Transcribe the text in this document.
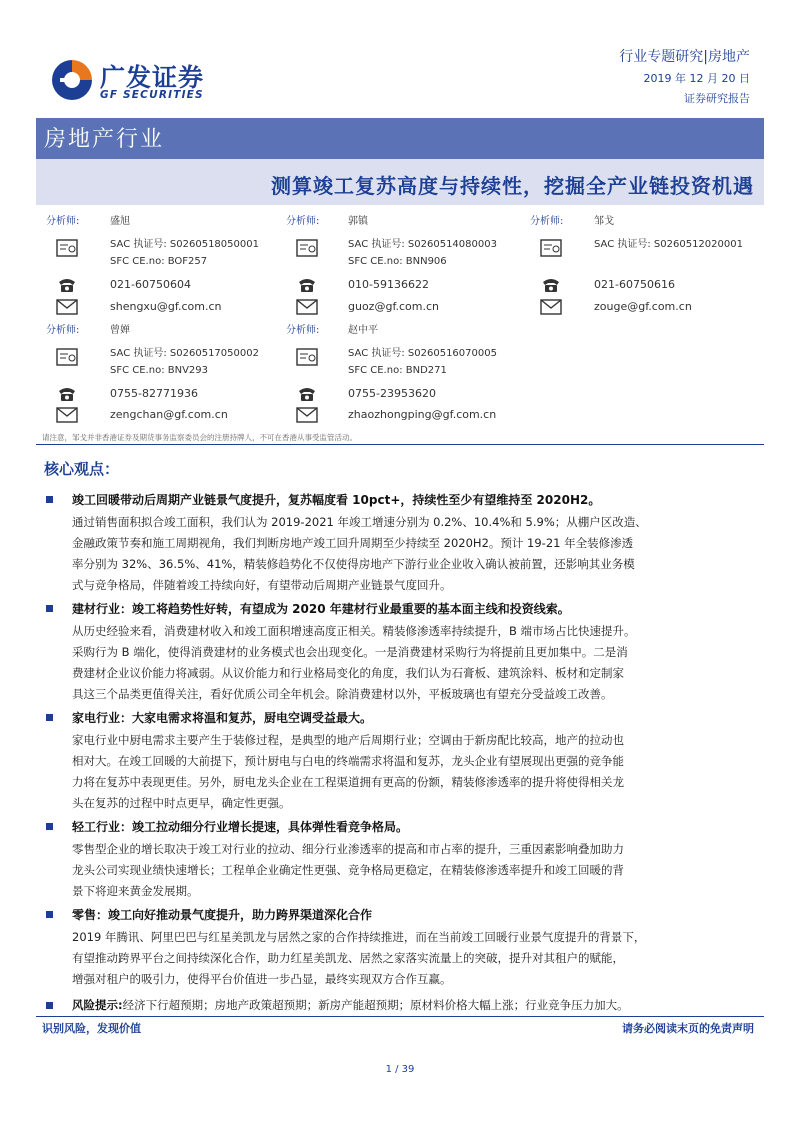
广发证券
GF SECURITIES
行业专题研究|房地产
2019 年 12 月 20 日
证券研究报告
房地产行业
测算竣工复苏高度与持续性，挖掘全产业链投资机遇
分析师:	盛旭
SAC 执证号: S0260518050001
SFC CE.no: BOF257
021-60750604
shengxu@gf.com.cn
分析师:	郭镇
SAC 执证号: S0260514080003
SFC CE.no: BNN906
010-59136622
guoz@gf.com.cn
分析师:	邹戈
SAC 执证号: S0260512020001
021-60750616
zouge@gf.com.cn
分析师:	曾婵
SAC 执证号: S0260517050002
SFC CE.no: BNV293
0755-82771936
zengchan@gf.com.cn
分析师:	赵中平
SAC 执证号: S0260516070005
SFC CE.no: BND271
0755-23953620
zhaozhongping@gf.com.cn
请注意，邹戈并非香港证券及期货事务监察委员会的注册持牌人，不可在香港从事受监管活动。
核心观点：
竣工回暖带动后周期产业链景气度提升，复苏幅度看 10pct+，持续性至少有望维持至 2020H2。
通过销售面积拟合竣工面积，我们认为 2019-2021 年竣工增速分别为 0.2%、10.4%和 5.9%；从棚户区改造、
金融政策节奏和施工周期视角，我们判断房地产竣工回升周期至少持续至 2020H2。预计 19-21 年全装修渗透
率分别为 32%、36.5%、41%，精装修趋势化不仅使得房地产下游行业企业收入确认被前置，还影响其业务模
式与竞争格局，伴随着竣工持续向好，有望带动后周期产业链景气度回升。
建材行业：竣工将趋势性好转，有望成为 2020 年建材行业最重要的基本面主线和投资线索。
从历史经验来看，消费建材收入和竣工面积增速高度正相关。精装修渗透率持续提升，B 端市场占比快速提升。
采购行为 B 端化，使得消费建材的业务模式也会出现变化。一是消费建材采购行为将提前且更加集中。二是消
费建材企业议价能力将减弱。从议价能力和行业格局变化的角度，我们认为石膏板、建筑涂料、板材和定制家
具这三个品类更值得关注，看好优质公司全年机会。除消费建材以外，平板玻璃也有望充分受益竣工改善。
家电行业：大家电需求将温和复苏，厨电空调受益最大。
家电行业中厨电需求主要产生于装修过程，是典型的地产后周期行业；空调由于新房配比较高，地产的拉动也
相对大。在竣工回暖的大前提下，预计厨电与白电的终端需求将温和复苏，龙头企业有望展现出更强的竞争能
力将在复苏中表现更佳。另外，厨电龙头企业在工程渠道拥有更高的份额，精装修渗透率的提升将使得相关龙
头在复苏的过程中时点更早，确定性更强。
轻工行业：竣工拉动细分行业增长提速，具体弹性看竞争格局。
零售型企业的增长取决于竣工对行业的拉动、细分行业渗透率的提高和市占率的提升，三重因素影响叠加助力
龙头公司实现业绩快速增长；工程单企业确定性更强、竞争格局更稳定，在精装修渗透率提升和竣工回暖的背
景下将迎来黄金发展期。
零售：竣工向好推动景气度提升，助力跨界渠道深化合作
2019 年腾讯、阿里巴巴与红星美凯龙与居然之家的合作持续推进，而在当前竣工回暖行业景气度提升的背景下，
有望推动跨界平台之间持续深化合作，助力红星美凯龙、居然之家落实流量上的突破，提升对其租户的赋能，
增强对租户的吸引力，使得平台价值进一步凸显，最终实现双方合作互赢。
风险提示:经济下行超预期；房地产政策超预期；新房产能超预期；原材料价格大幅上涨；行业竞争压力加大。
识别风险，发现价值	请务必阅读末页的免责声明
1 / 39
